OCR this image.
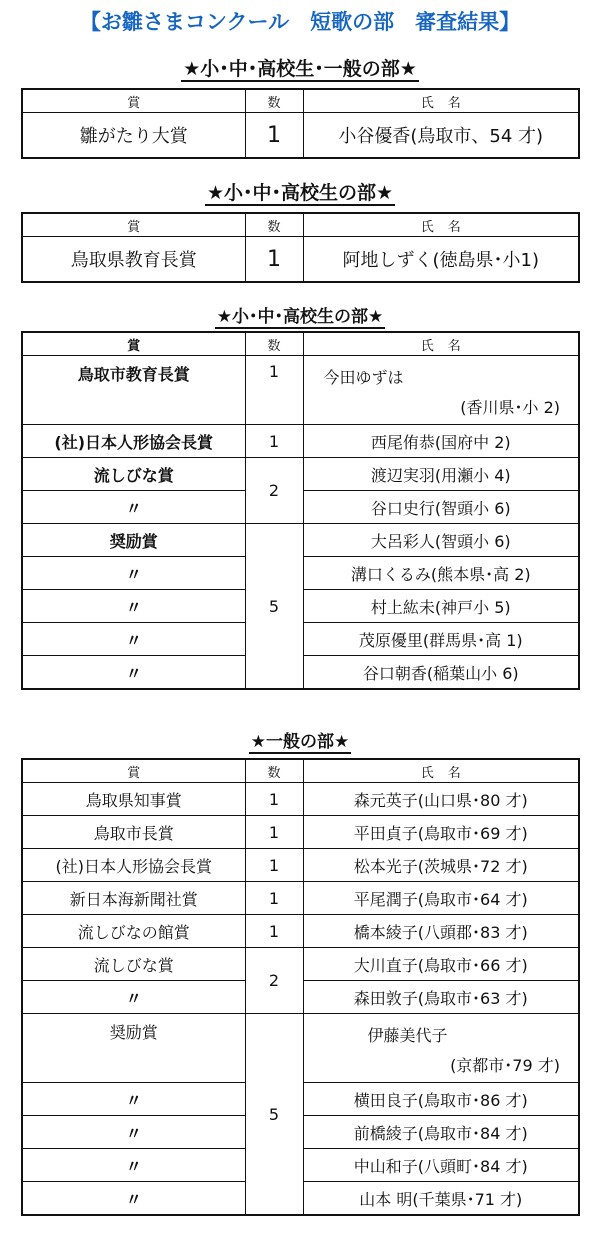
【お雛さまコンクール　短歌の部　審査結果】
★小･中･高校生･一般の部★
賞	数	氏名
雛がたり大賞	1	小谷優香(鳥取市、54 才)
★小･中･高校生の部★
賞	数	氏名
鳥取県教育長賞	1	阿地しずく(徳島県･小1)
★小･中･高校生の部★
賞	数	氏名
鳥取市教育長賞	1	今田ゆずは
(香川県･小 2)

(社)日本人形協会長賞	1	西尾侑恭(国府中 2)
流しびな賞	2	渡辺実羽(用瀬小 4)
〃		谷口史行(智頭小 6)
奨励賞	5	大呂彩人(智頭小 6)
〃		溝口くるみ(熊本県･高 2)
〃		村上紘未(神戸小 5)
〃		茂原優里(群馬県･高 1)
〃		谷口朝香(稲葉山小 6)
★一般の部★
賞	数	氏名
鳥取県知事賞	1	森元英子(山口県･80 才)
鳥取市長賞	1	平田貞子(鳥取市･69 才)
(社)日本人形協会長賞	1	松本光子(茨城県･72 才)
新日本海新聞社賞	1	平尾潤子(鳥取市･64 才)
流しびなの館賞	1	橋本綾子(八頭郡･83 才)
流しびな賞	2	大川直子(鳥取市･66 才)
〃		森田敦子(鳥取市･63 才)
奨励賞	5	伊藤美代子
(京都市･79 才)

〃		横田良子(鳥取市･86 才)
〃		前橋綾子(鳥取市･84 才)
〃		中山和子(八頭町･84 才)
〃		山本 明(千葉県･71 才)
